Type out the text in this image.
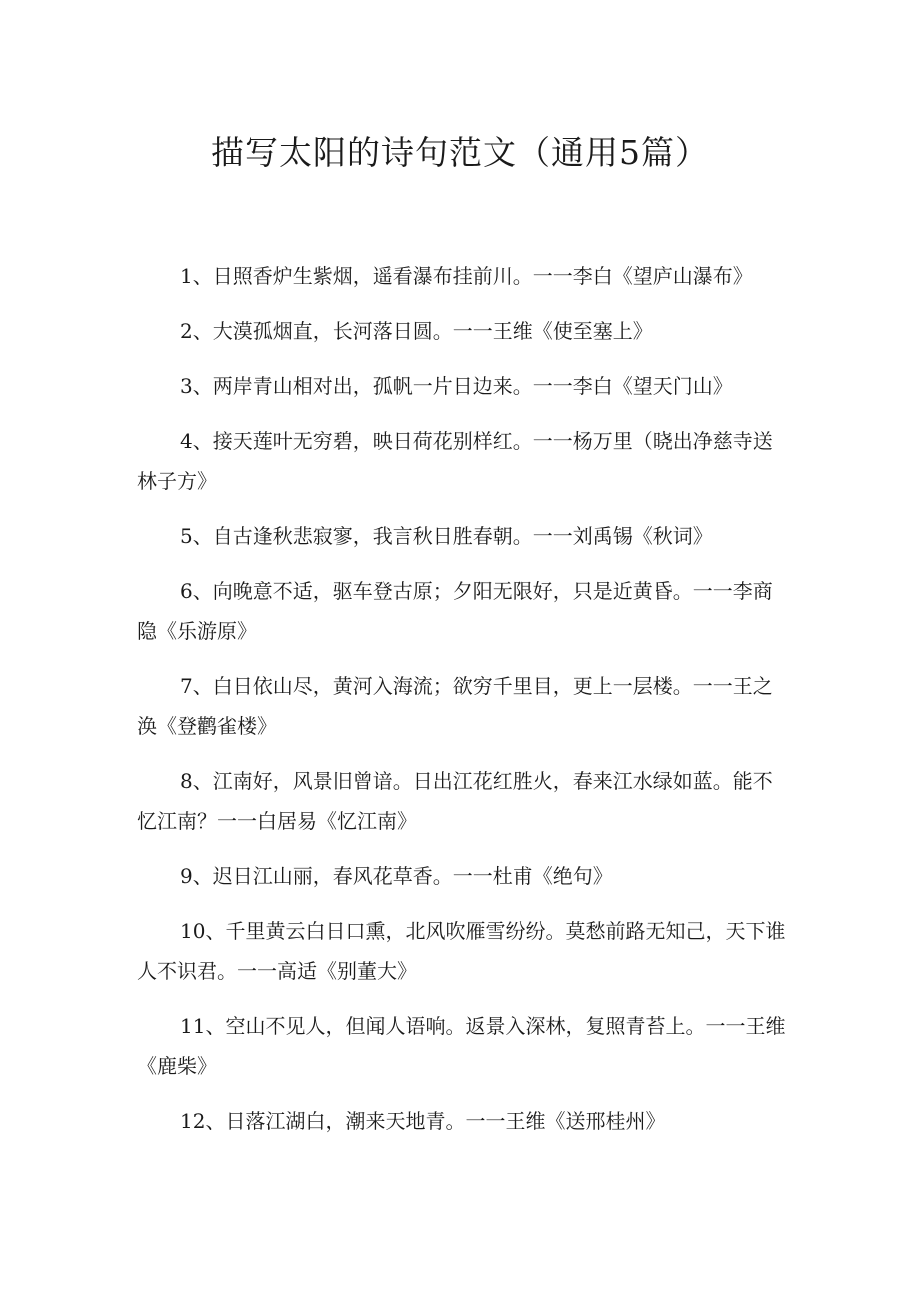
描写太阳的诗句范文（通用5篇）

1、日照香炉生紫烟，遥看瀑布挂前川。一一李白《望庐山瀑布》

2、大漠孤烟直，长河落日圆。一一王维《使至塞上》

3、两岸青山相对出，孤帆一片日边来。一一李白《望天门山》

4、接天莲叶无穷碧，映日荷花别样红。一一杨万里（晓出净慈寺送林子方》

5、自古逢秋悲寂寥，我言秋日胜春朝。一一刘禹锡《秋词》

6、向晚意不适，驱车登古原；夕阳无限好，只是近黄昏。一一李商隐《乐游原》

7、白日依山尽，黄河入海流；欲穷千里目，更上一层楼。一一王之涣《登鹳雀楼》

8、江南好，风景旧曾谙。日出江花红胜火，春来江水绿如蓝。能不忆江南？一一白居易《忆江南》

9、迟日江山丽，春风花草香。一一杜甫《绝句》

10、千里黄云白日口熏，北风吹雁雪纷纷。莫愁前路无知己，天下谁人不识君。一一高适《别董大》

11、空山不见人，但闻人语响。返景入深林，复照青苔上。一一王维《鹿柴》

12、日落江湖白，潮来天地青。一一王维《送邢桂州》
